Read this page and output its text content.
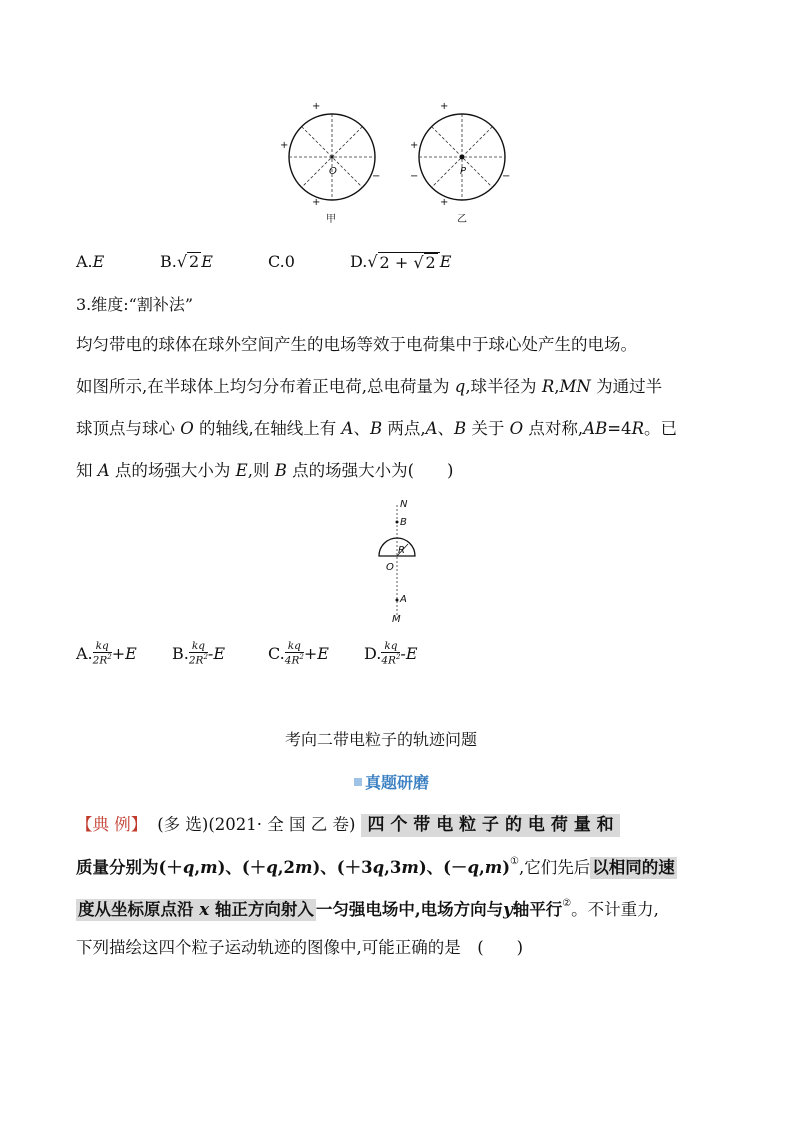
+
+
−
+
O
甲
+
+
−
−
+
P
乙
A. E	B. √ 2 E	C.0	D. √ 2 + √ 2 E
3.维度:“割补法”
均匀带电的球体在球外空间产生的电场等效于电荷集中于球心处产生的电场。
如图所示,在半球体上均匀分布着正电荷,总电荷量为 q,球半径为 R,MN 为通过半
球顶点与球心 O 的轴线,在轴线上有 A、B 两点,A、B 关于 O 点对称,AB=4R。已
知 A 点的场强大小为 E,则 B 点的场强大小为(　　)
N
B
R
O
A
M
A. $\frac{kq}{2R^2} +E$ B. $\frac{kq}{2R^2} -E$	C. $\frac{kq}{4R^2} +E$ D. $\frac{kq}{4R^2} -E$
考向二带电粒子的轨迹问题
真题研磨
【典 例】 (多 选)(2021· 全 国 乙 卷) 四 个 带 电 粒 子 的 电 荷 量 和
质量分别为(＋ q , m )、(＋ q ,2 m )、(＋3 q ,3 m )、(－ q , m )① ,它们先后 以相同的速
度从坐标原点沿 x 轴正方向射入 一匀强电场中,电场方向与 y 轴平行② 。不计重力,
下列描绘这四个粒子运动轨迹的图像中,可能正确的是　(　　)
